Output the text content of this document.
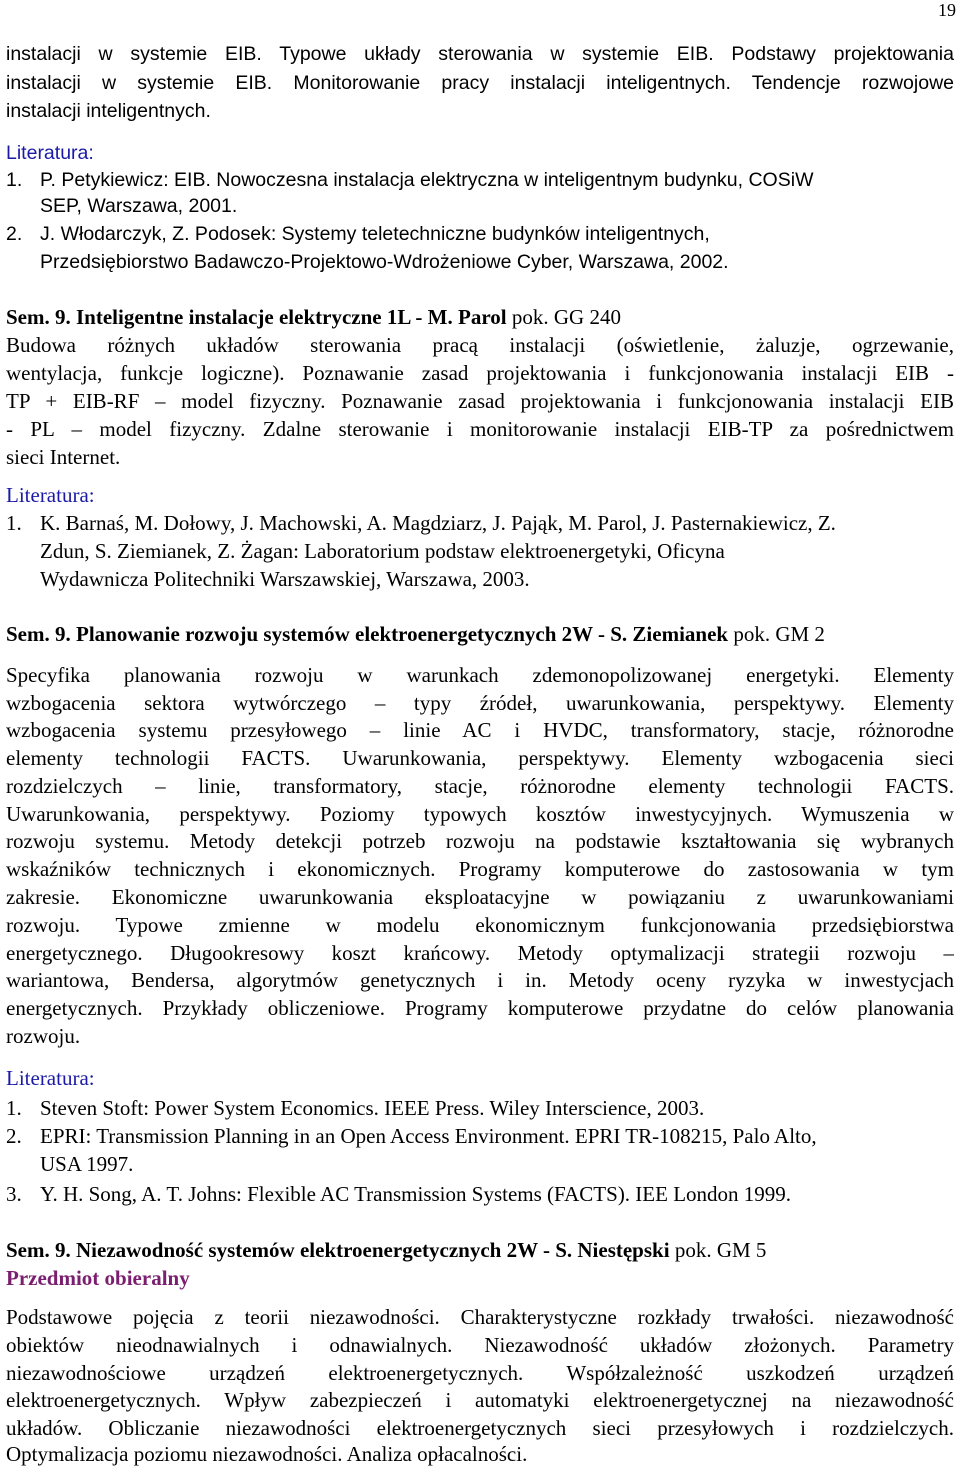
19
instalacji w systemie EIB. Typowe układy sterowania w systemie EIB. Podstawy projektowania
instalacji w systemie EIB. Monitorowanie pracy instalacji inteligentnych. Tendencje rozwojowe
instalacji inteligentnych.
Literatura:
1. P. Petykiewicz: EIB. Nowoczesna instalacja elektryczna w inteligentnym budynku, COSiW
SEP, Warszawa, 2001.
2. J. Włodarczyk, Z. Podosek: Systemy teletechniczne budynków inteligentnych,
Przedsiębiorstwo Badawczo-Projektowo-Wdrożeniowe Cyber, Warszawa, 2002.
Sem. 9. Inteligentne instalacje elektryczne 1L - M. Parol pok. GG 240
Budowa różnych układów sterowania pracą instalacji (oświetlenie, żaluzje, ogrzewanie,
wentylacja, funkcje logiczne). Poznawanie zasad projektowania i funkcjonowania instalacji EIB -
TP + EIB-RF – model fizyczny. Poznawanie zasad projektowania i funkcjonowania instalacji EIB
- PL – model fizyczny. Zdalne sterowanie i monitorowanie instalacji EIB-TP za pośrednictwem
sieci Internet.
Literatura:
1. K. Barnaś, M. Dołowy, J. Machowski, A. Magdziarz, J. Pająk, M. Parol, J. Pasternakiewicz, Z.
Zdun, S. Ziemianek, Z. Żagan: Laboratorium podstaw elektroenergetyki, Oficyna
Wydawnicza Politechniki Warszawskiej, Warszawa, 2003.
Sem. 9. Planowanie rozwoju systemów elektroenergetycznych 2W - S. Ziemianek pok. GM 2
Specyfika planowania rozwoju w warunkach zdemonopolizowanej energetyki. Elementy
wzbogacenia sektora wytwórczego – typy źródeł, uwarunkowania, perspektywy. Elementy
wzbogacenia systemu przesyłowego – linie AC i HVDC, transformatory, stacje, różnorodne
elementy technologii FACTS. Uwarunkowania, perspektywy. Elementy wzbogacenia sieci
rozdzielczych – linie, transformatory, stacje, różnorodne elementy technologii FACTS.
Uwarunkowania, perspektywy. Poziomy typowych kosztów inwestycyjnych. Wymuszenia w
rozwoju systemu. Metody detekcji potrzeb rozwoju na podstawie kształtowania się wybranych
wskaźników technicznych i ekonomicznych. Programy komputerowe do zastosowania w tym
zakresie. Ekonomiczne uwarunkowania eksploatacyjne w powiązaniu z uwarunkowaniami
rozwoju. Typowe zmienne w modelu ekonomicznym funkcjonowania przedsiębiorstwa
energetycznego. Długookresowy koszt krańcowy. Metody optymalizacji strategii rozwoju –
wariantowa, Bendersa, algorytmów genetycznych i in. Metody oceny ryzyka w inwestycjach
energetycznych. Przykłady obliczeniowe. Programy komputerowe przydatne do celów planowania
rozwoju.
Literatura:
1. Steven Stoft: Power System Economics. IEEE Press. Wiley Interscience, 2003.
2. EPRI: Transmission Planning in an Open Access Environment. EPRI TR-108215, Palo Alto,
USA 1997.
3. Y. H. Song, A. T. Johns: Flexible AC Transmission Systems (FACTS). IEE London 1999.
Sem. 9. Niezawodność systemów elektroenergetycznych 2W - S. Niestępski pok. GM 5
Przedmiot obieralny
Podstawowe pojęcia z teorii niezawodności. Charakterystyczne rozkłady trwałości. niezawodność
obiektów nieodnawialnych i odnawialnych. Niezawodność układów złożonych. Parametry
niezawodnościowe urządzeń elektroenergetycznych. Współzależność uszkodzeń urządzeń
elektroenergetycznych. Wpływ zabezpieczeń i automatyki elektroenergetycznej na niezawodność
układów. Obliczanie niezawodności elektroenergetycznych sieci przesyłowych i rozdzielczych.
Optymalizacja poziomu niezawodności. Analiza opłacalności.
